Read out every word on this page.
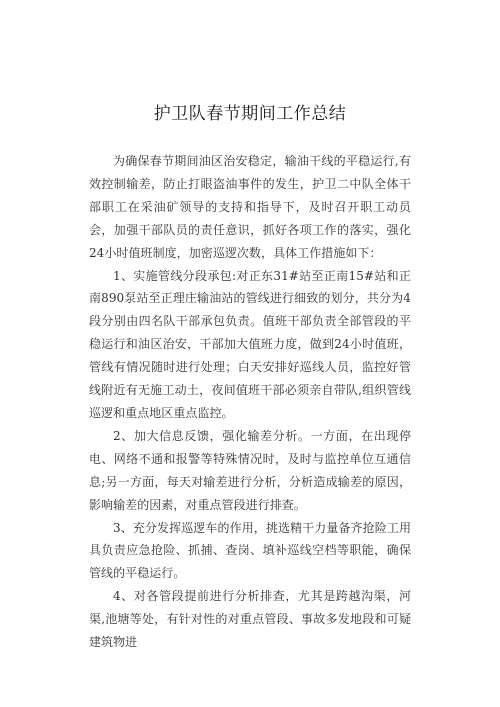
护卫队春节期间工作总结

为确保春节期间油区治安稳定，输油干线的平稳运行,有效控制输差，防止打眼盗油事件的发生，护卫二中队全体干部职工在采油矿领导的支持和指导下，及时召开职工动员会，加强干部队员的责任意识，抓好各项工作的落实，强化24小时值班制度，加密巡逻次数，具体工作措施如下：

1、实施管线分段承包:对正东31#站至正南15#站和正南890泵站至正理庄输油站的管线进行细致的划分，共分为4段分别由四名队干部承包负责。值班干部负责全部管段的平稳运行和油区治安，干部加大值班力度，做到24小时值班，管线有情况随时进行处理；白天安排好巡线人员，监控好管线附近有无施工动土，夜间值班干部必须亲自带队,组织管线巡逻和重点地区重点监控。

2、加大信息反馈，强化输差分析。一方面，在出现停电、网络不通和报警等特殊情况时，及时与监控单位互通信息;另一方面，每天对输差进行分析，分析造成输差的原因，影响输差的因素，对重点管段进行排查。

3、充分发挥巡逻车的作用，挑选精干力量备齐抢险工用具负责应急抢险、抓捕、查岗、填补巡线空档等职能，确保管线的平稳运行。

4、对各管段提前进行分析排查，尤其是跨越沟渠，河渠,池塘等处，有针对性的对重点管段、事故多发地段和可疑建筑物进
